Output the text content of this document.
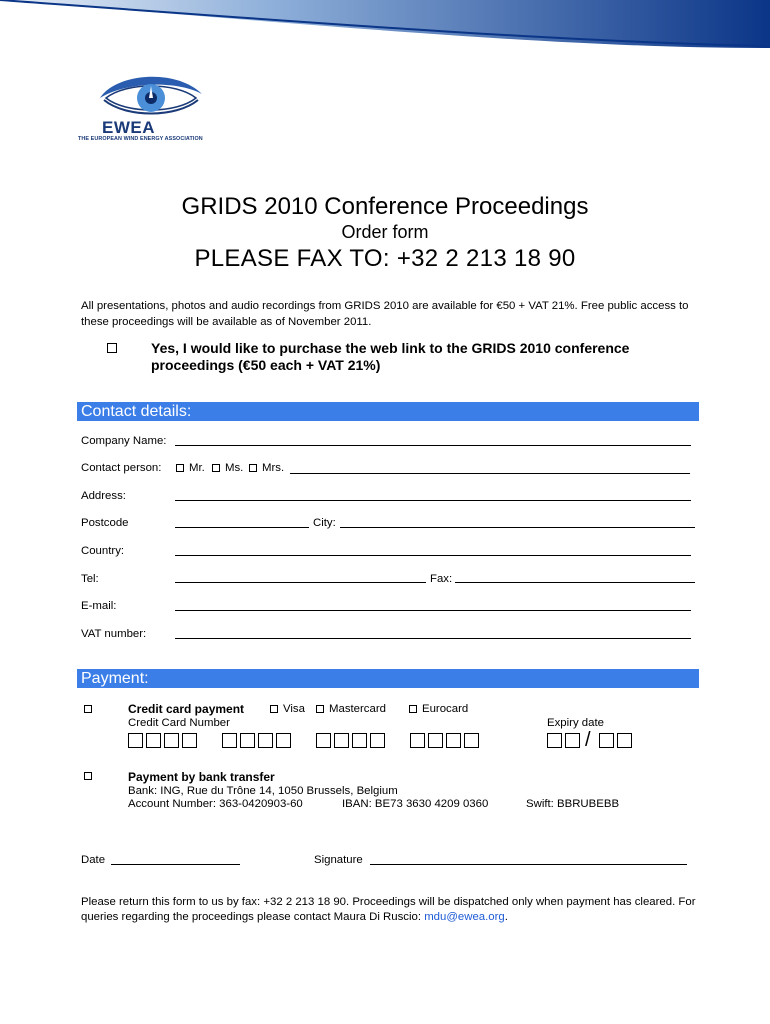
EWEA
THE EUROPEAN WIND ENERGY ASSOCIATION
GRIDS 2010 Conference Proceedings
Order form
PLEASE FAX TO: +32 2 213 18 90
All presentations, photos and audio recordings from GRIDS 2010 are available for €50 + VAT 21%. Free public access to these proceedings will be available as of November 2011.
Yes, I would like to purchase the web link to the GRIDS 2010 conference proceedings (€50 each + VAT 21%)
Contact details:
Company Name:
Contact person: Mr. Ms. Mrs.
Address:
Postcode	City:
Country:
Tel:	Fax:
E-mail:
VAT number:
Payment:
Credit card payment	Visa Mastercard	Eurocard
Credit Card Number	Expiry date
/
Payment by bank transfer
Bank: ING, Rue du Trône 14, 1050 Brussels, Belgium
Account Number: 363-0420903-60	IBAN: BE73 3630 4209 0360	Swift: BBRUBEBB
Date	Signature
Please return this form to us by fax: +32 2 213 18 90. Proceedings will be dispatched only when payment has cleared. For queries regarding the proceedings please contact Maura Di Ruscio: mdu@ewea.org.
